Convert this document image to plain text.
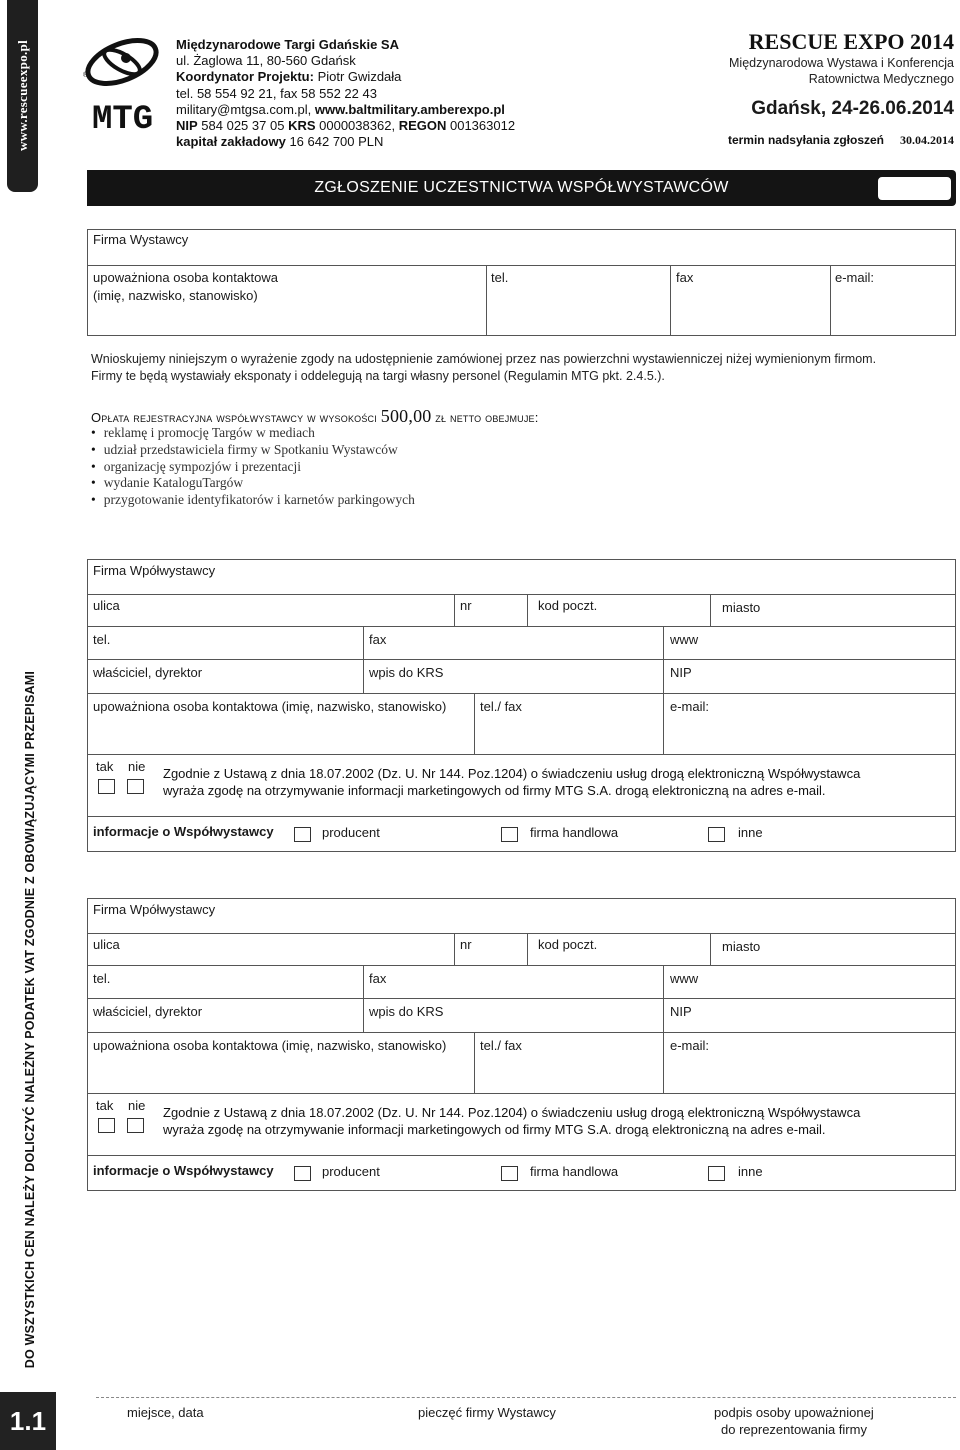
www.rescueexpo.pl
DO WSZYSTKICH CEN NALEŻY DOLICZYĆ NALEŻNY PODATEK VAT ZGODNIE Z OBOWIĄZUJĄCYMI PRZEPISAMI
1.1
®
MTG
Międzynarodowe Targi Gdańskie SA
ul. Żaglowa 11, 80-560 Gdańsk
Koordynator Projektu: Piotr Gwizdała
tel. 58 554 92 21, fax 58 552 22 43
military@mtgsa.com.pl, www.baltmilitary.amberexpo.pl
NIP 584 025 37 05 KRS 0000038362, REGON 001363012
kapitał zakładowy 16 642 700 PLN
RESCUE EXPO 2014
Międzynarodowa Wystawa i Konferencja
Ratownictwa Medycznego
Gdańsk, 24-26.06.2014
termin nadsyłania zgłoszeń 30.04.2014
ZGŁOSZENIE UCZESTNICTWA WSPÓŁWYSTAWCÓW
Firma Wystawcy
upoważniona osoba kontaktowa
(imię, nazwisko, stanowisko)
tel.	fax	e-mail:
Wnioskujemy niniejszym o wyrażenie zgody na udostępnienie zamówionej przez nas powierzchni wystawienniczej niżej wymienionym firmom.
Firmy te będą wystawiały eksponaty i oddelegują na targi własny personel (Regulamin MTG pkt. 2.4.5.).
Opłata rejestracyjna współwystawcy w wysokości 500,00 zł netto obejmuje:
• reklamę i promocję Targów w mediach
• udział przedstawiciela firmy w Spotkaniu Wystawców
• organizację sympozjów i prezentacji
• wydanie KataloguTargów
• przygotowanie identyfikatorów i karnetów parkingowych
Firma Wpółwystawcy
ulica	nr	kod poczt.	miasto
tel.	fax	www
właściciel, dyrektor	wpis do KRS	NIP
upoważniona osoba kontaktowa (imię, nazwisko, stanowisko)	tel./ fax	e-mail:
tak nie Zgodnie z Ustawą z dnia 18.07.2002 (Dz. U. Nr 144. Poz.1204) o świadczeniu usług drogą elektroniczną Współwystawca
wyraża zgodę na otrzymywanie informacji marketingowych od firmy MTG S.A. drogą elektroniczną na adres e-mail.
informacje o Współwystawcy	producent	firma handlowa	inne
Firma Wpółwystawcy
ulica	nr	kod poczt.	miasto
tel.	fax	www
właściciel, dyrektor	wpis do KRS	NIP
upoważniona osoba kontaktowa (imię, nazwisko, stanowisko)	tel./ fax	e-mail:
tak nie Zgodnie z Ustawą z dnia 18.07.2002 (Dz. U. Nr 144. Poz.1204) o świadczeniu usług drogą elektroniczną Współwystawca
wyraża zgodę na otrzymywanie informacji marketingowych od firmy MTG S.A. drogą elektroniczną na adres e-mail.
informacje o Współwystawcy	producent	firma handlowa	inne
miejsce, data	pieczęć firmy Wystawcy	podpis osoby upoważnionej
do reprezentowania firmy
